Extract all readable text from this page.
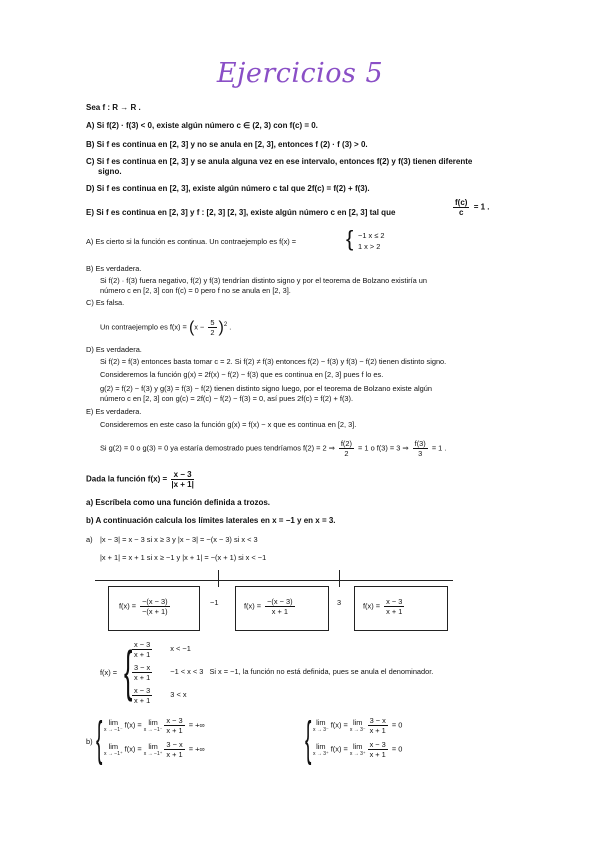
Ejercicios 5
Sea f : R → R .
A) Si f(2) · f(3) < 0, existe algún número c ∈ (2, 3) con f(c) = 0.
B) Si f es continua en [2, 3] y no se anula en [2, 3], entonces f (2) · f (3) > 0.
C) Si f es continua en [2, 3] y se anula alguna vez en ese intervalo, entonces f(2) y f(3) tienen diferente
signo.
D) Si f es continua en [2, 3], existe algún número c tal que 2f(c) = f(2) + f(3).
E) Si f es continua en [2, 3] y f : [2, 3] [2, 3], existe algún número c en [2, 3] tal que	$\frac{f(c)}{c} = 1$ .
A) Es cierto si la función es continua. Un contraejemplo es f(x) = { −1 x ≤ 2
1 x > 2
B) Es verdadera.
Si f(2) · f(3) fuera negativo, f(2) y f(3) tendrían distinto signo y por el teorema de Bolzano existiría un
número c en [2, 3] con f(c) = 0 pero f no se anula en [2, 3].
C) Es falsa.
Un contraejemplo es $f(x) = (x - \frac{5}{2} )^2$ .
D) Es verdadera.
Si f(2) = f(3) entonces basta tomar c = 2. Si f(2) ≠ f(3) entonces f(2) − f(3) y f(3) − f(2) tienen distinto signo.
Consideremos la función g(x) = 2f(x) − f(2) − f(3) que es continua en [2, 3] pues f lo es.
g(2) = f(2) − f(3) y g(3) = f(3) − f(2) tienen distinto signo luego, por el teorema de Bolzano existe algún
número c en [2, 3] con g(c) = 2f(c) − f(2) − f(3) = 0, así pues 2f(c) = f(2) + f(3).
E) Es verdadera.
Consideremos en este caso la función g(x) = f(x) − x que es continua en [2, 3].
Si g(2) = 0 o g(3) = 0 ya estaría demostrado pues tendríamos f(2) = 2 ⇒ $\frac{f(2)}{2} = 1$ o f(3) = 3 ⇒ $\frac{f(3)}{3} = 1$ .
Dada la función $f(x) = \frac{x - 3}{|x + 1|}$
a) Escríbela como una función definida a trozos.
b) A continuación calcula los límites laterales en x = −1 y en x = 3.
a) |x − 3| = x − 3 si x ≥ 3 y |x − 3| = −(x − 3) si x < 3
|x + 1| = x + 1 si x ≥ −1 y |x + 1| = −(x + 1) si x < −1
−1	3
$f(x) = \frac{-(x - 3)}{-(x + 1)}$	$f(x) = \frac{-(x - 3)}{x + 1}$	$f(x) = \frac{x - 3}{x + 1}$
f(x) = { $\frac{x - 3}{x + 1}$ x < −1
$\frac{3 - x}{x + 1} -1 < x < 3$ Si x = −1, la función no está definida, pues se anula el denominador.
$\frac{x - 3}{x + 1} 3 < x$
b) {	{
lim
x → −1⁻
f(x) = lim
$x \to -1^- \frac{x - 3}{x + 1}$ = +∞
lim
x → −1⁺
f(x) = lim
$x \to -1^+ \frac{3 - x}{x + 1}$ = +∞
lim
x → 3⁻
f(x) = lim
$x \to 3^- \frac{3 - x}{x + 1} = 0$
lim
x → 3⁺
f(x) = lim
$x \to 3^+ \frac{x - 3}{x + 1} = 0$
